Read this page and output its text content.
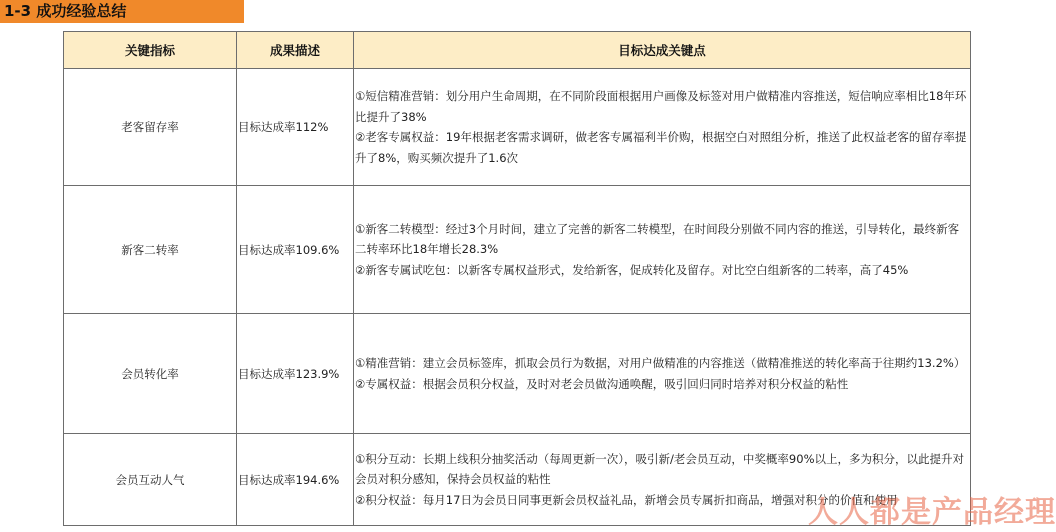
1-3 成功经验总结
关键指标	成果描述	目标达成关键点
老客留存率	目标达成率112%	①短信精准营销：划分用户生命周期，在不同阶段面根据用户画像及标签对用户做精准内容推送，短信响应率相比18年环比提升了38%

②老客专属权益：19年根据老客需求调研，做老客专属福利半价购，根据空白对照组分析，推送了此权益老客的留存率提升了8%，购买频次提升了1.6次

新客二转率	目标达成率109.6%	①新客二转模型：经过3个月时间，建立了完善的新客二转模型，在时间段分别做不同内容的推送，引导转化，最终新客二转率环比18年增长28.3%

②新客专属试吃包：以新客专属权益形式，发给新客，促成转化及留存。对比空白组新客的二转率，高了45%

会员转化率	目标达成率123.9%	①精准营销：建立会员标签库，抓取会员行为数据，对用户做精准的内容推送（做精准推送的转化率高于往期约13.2%）

②专属权益：根据会员积分权益，及时对老会员做沟通唤醒，吸引回归同时培养对积分权益的粘性

会员互动人气	目标达成率194.6%	①积分互动：长期上线积分抽奖活动（每周更新一次），吸引新/老会员互动，中奖概率90%以上，多为积分，以此提升对会员对积分感知，保持会员权益的粘性

②积分权益：每月17日为会员日同事更新会员权益礼品，新增会员专属折扣商品，增强对积分的价值和使用

人人都是产品经理
